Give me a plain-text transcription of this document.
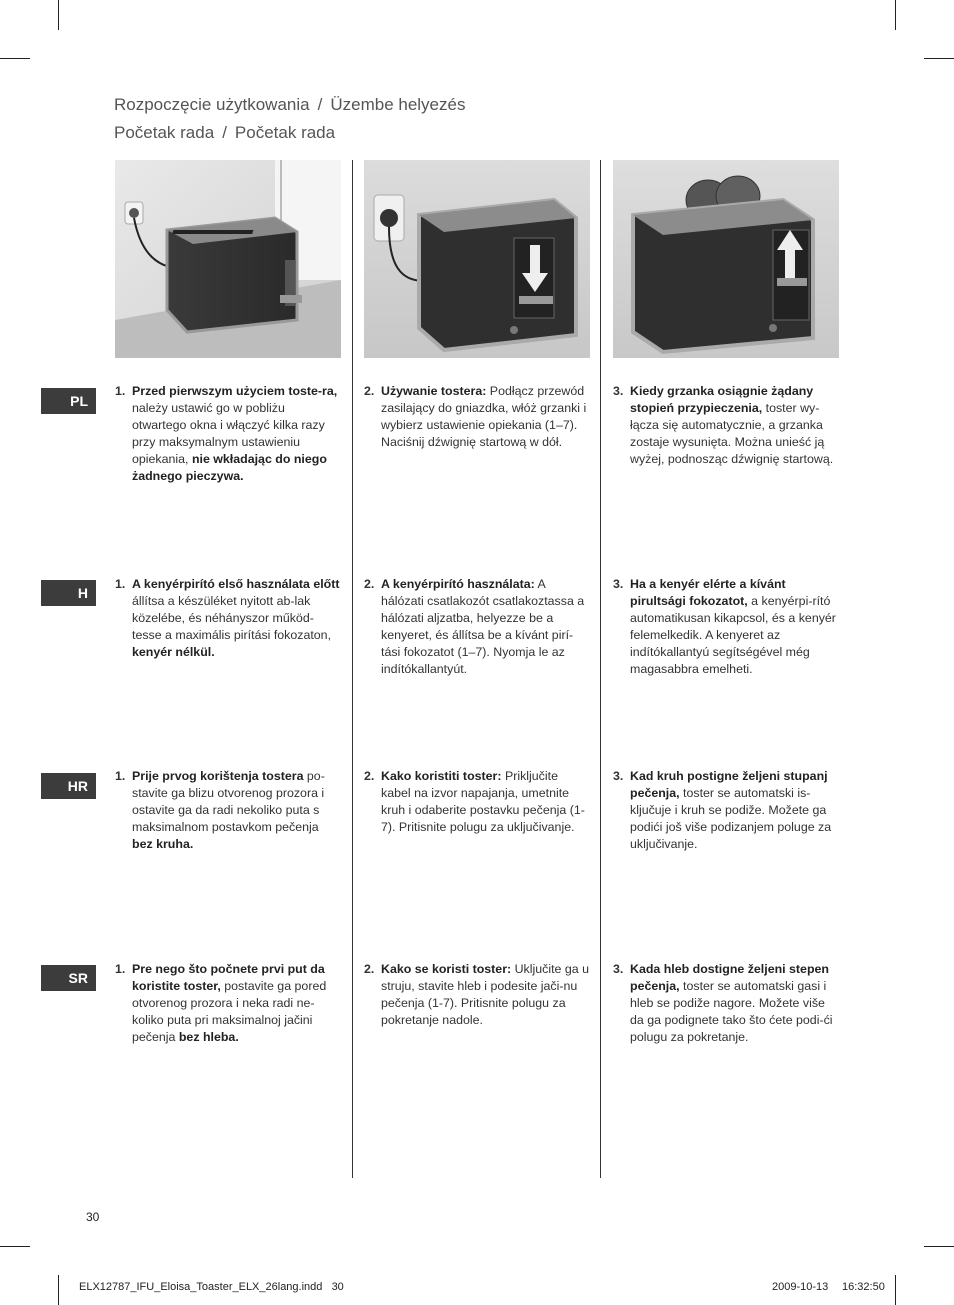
Rozpoczęcie użytkowania / Üzembe helyezés
Početak rada / Početak rada
PL
H
HR
SR
1. Przed pierwszym użyciem toste-ra, należy ustawić go w pobliżu otwartego okna i włączyć kilka razy przy maksymalnym ustawieniu opiekania, nie wkładając do niego żadnego pieczywa.
2. Używanie tostera: Podłącz przewód zasilający do gniazdka, włóż grzanki i wybierz ustawienie opiekania (1–7). Naciśnij dźwignię startową w dół.
3. Kiedy grzanka osiągnie żądany stopień przypieczenia, toster wy-łącza się automatycznie, a grzanka zostaje wysunięta. Można unieść ją wyżej, podnosząc dźwignię startową.
1. A kenyérpirító első használata előtt állítsa a készüléket nyitott ab-lak közelébe, és néhányszor működ-tesse a maximális pirítási fokozaton, kenyér nélkül.
2. A kenyérpirító használata: A hálózati csatlakozót csatlakoztassa a hálózati aljzatba, helyezze be a kenyeret, és állítsa be a kívánt pirí-tási fokozatot (1–7). Nyomja le az indítókallantyút.
3. Ha a kenyér elérte a kívánt pirultsági fokozatot, a kenyérpi-rító automatikusan kikapcsol, és a kenyér felemelkedik. A kenyeret az indítókallantyú segítségével még magasabbra emelheti.
1. Prije prvog korištenja tostera po-stavite ga blizu otvorenog prozora i ostavite ga da radi nekoliko puta s maksimalnom postavkom pečenja bez kruha.
2. Kako koristiti toster: Priključite kabel na izvor napajanja, umetnite kruh i odaberite postavku pečenja (1-7). Pritisnite polugu za uključivanje.
3. Kad kruh postigne željeni stupanj pečenja, toster se automatski is-ključuje i kruh se podiže. Možete ga podići još više podizanjem poluge za uključivanje.
1. Pre nego što počnete prvi put da koristite toster, postavite ga pored otvorenog prozora i neka radi ne-koliko puta pri maksimalnoj jačini pečenja bez hleba.
2. Kako se koristi toster: Uključite ga u struju, stavite hleb i podesite jači-nu pečenja (1-7). Pritisnite polugu za pokretanje nadole.
3. Kada hleb dostigne željeni stepen pečenja, toster se automatski gasi i hleb se podiže nagore. Možete više da ga podignete tako što ćete podi-ći polugu za pokretanje.
30
ELX12787_IFU_Eloisa_Toaster_ELX_26lang.indd   30	2009-10-13 16:32:50
